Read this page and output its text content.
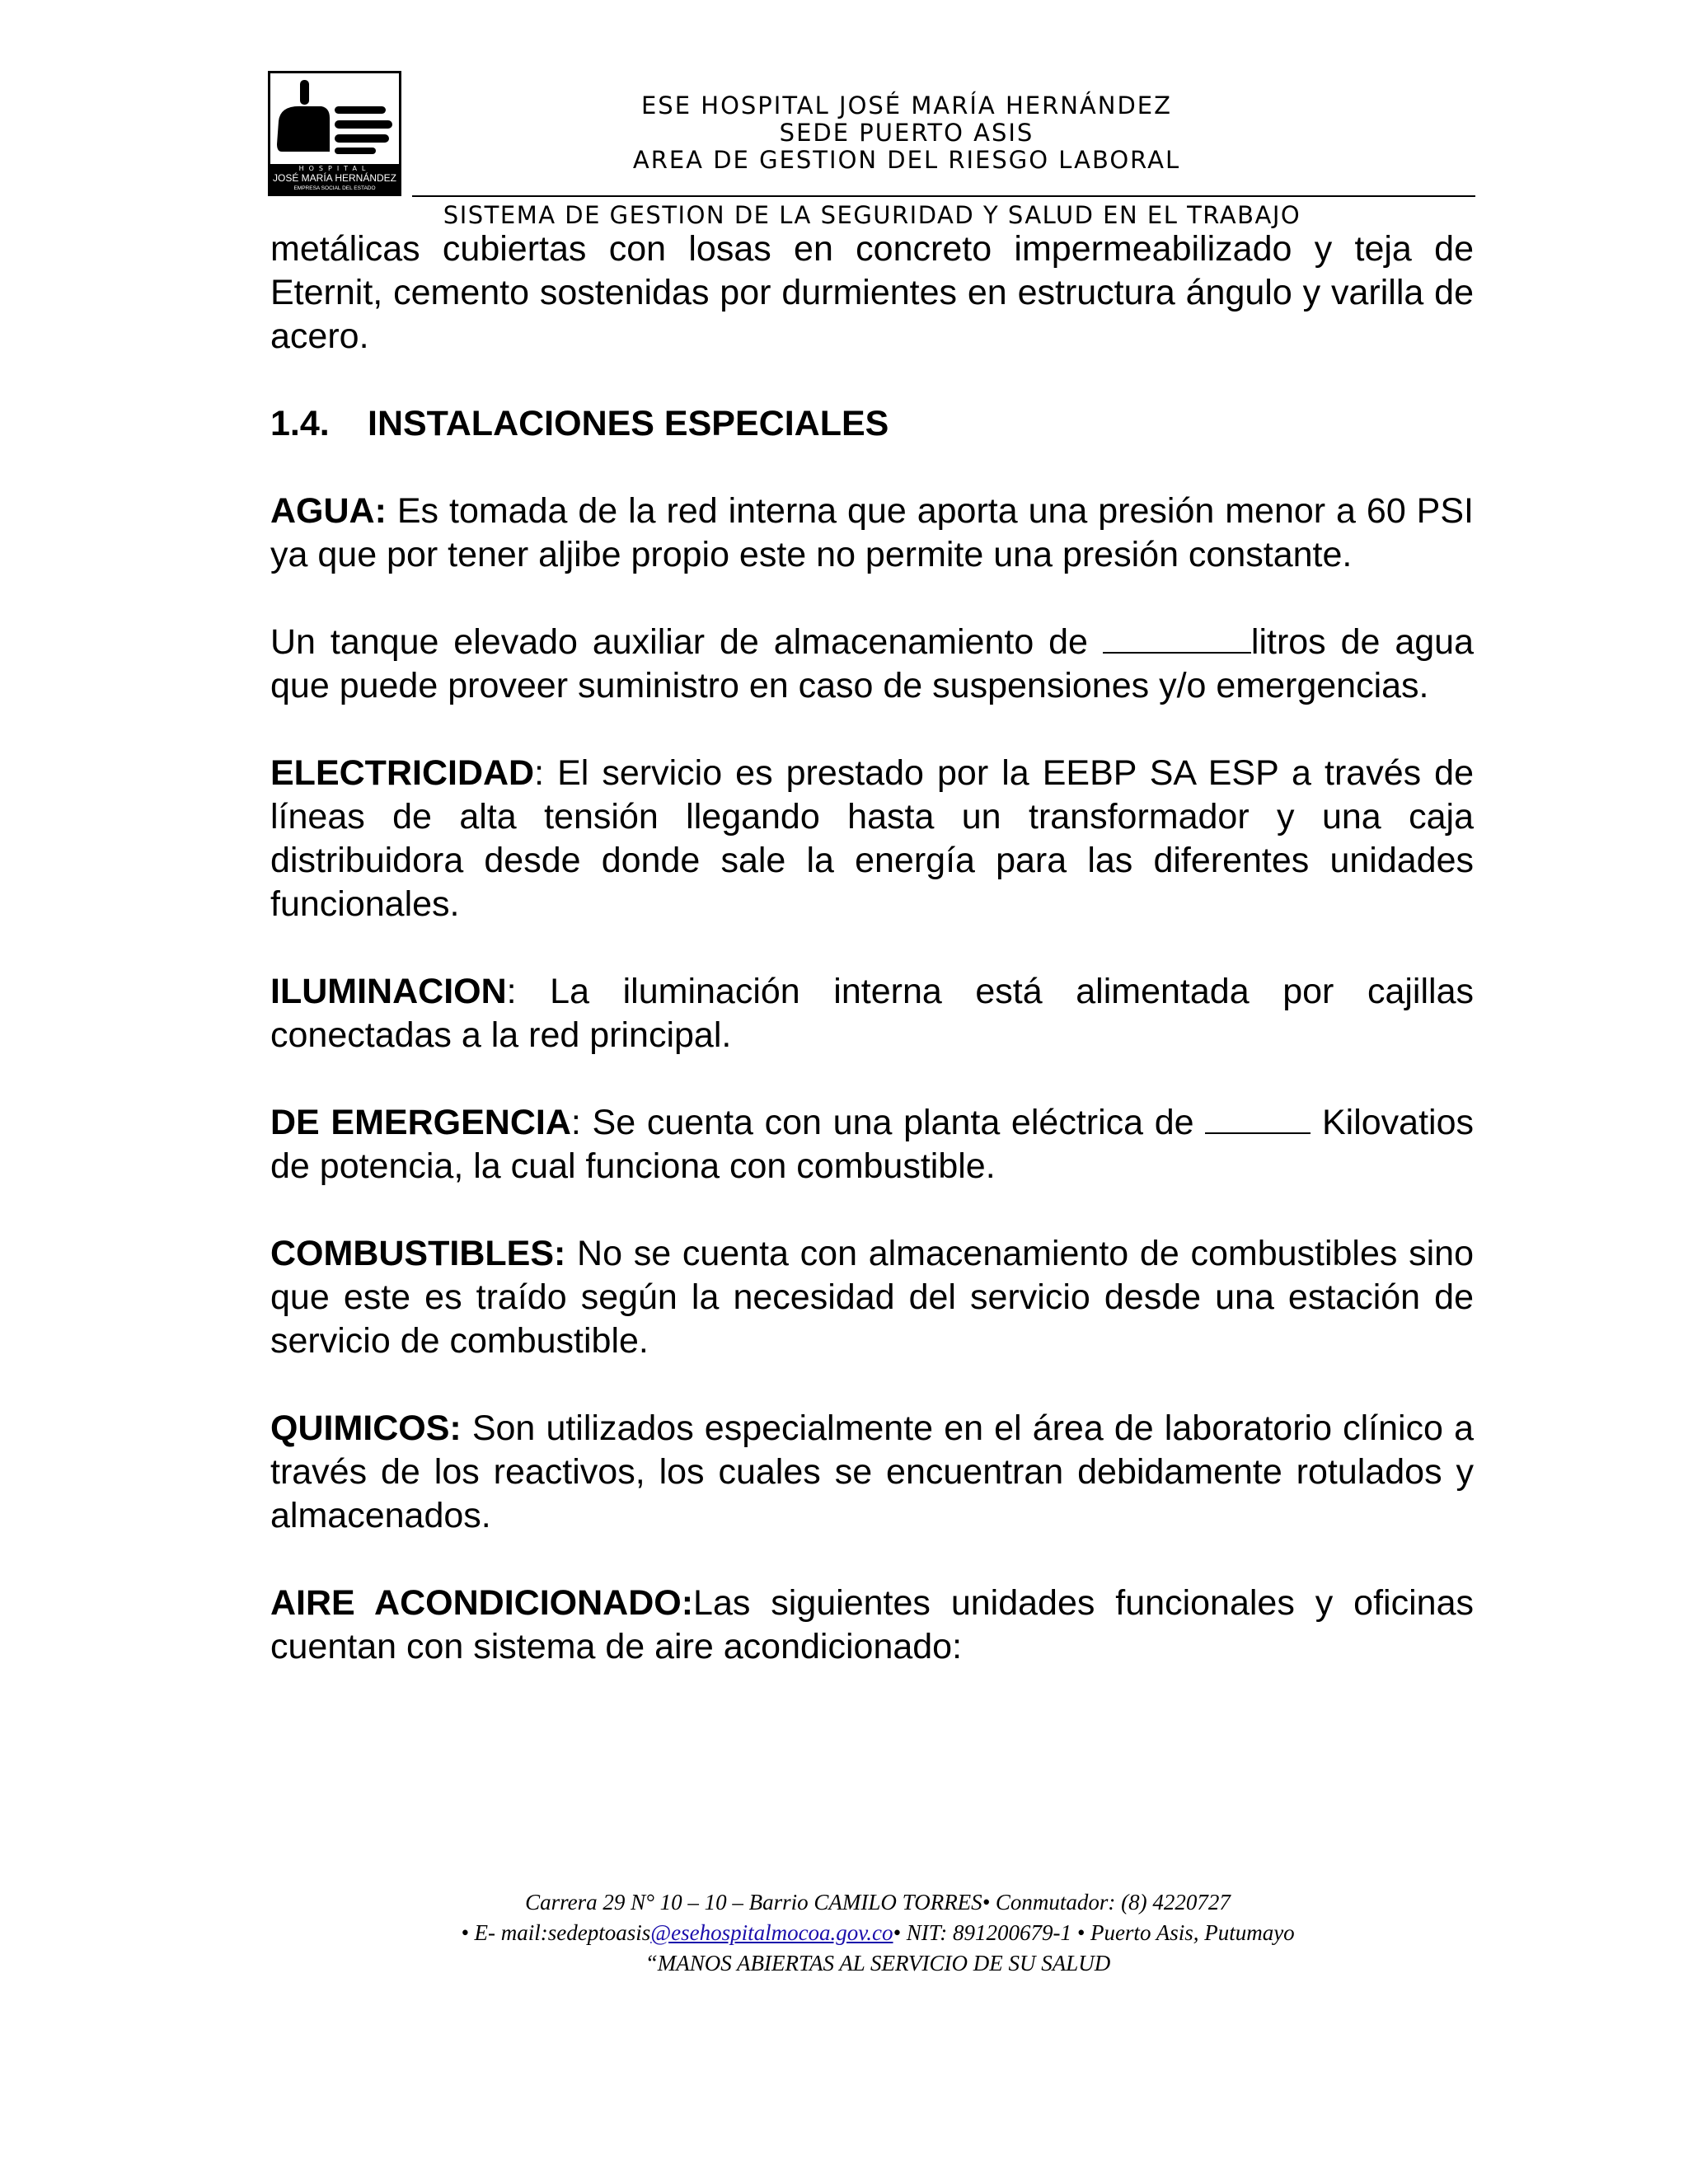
HOSPITAL
JOSÉ MARÍA HERNÁNDEZ
EMPRESA SOCIAL DEL ESTADO
ESE HOSPITAL JOSÉ MARÍA HERNÁNDEZ
SEDE PUERTO ASIS
AREA DE GESTION DEL RIESGO LABORAL
SISTEMA DE GESTION DE LA SEGURIDAD Y SALUD EN EL TRABAJO

metálicas cubiertas con losas en concreto impermeabilizado y teja de Eternit, cemento sostenidas por durmientes en estructura ángulo y varilla de acero.

1.4. INSTALACIONES ESPECIALES

AGUA: Es tomada de la red interna que aporta una presión menor a 60 PSI ya que por tener aljibe propio este no permite una presión constante.

Un tanque elevado auxiliar de almacenamiento de	litros de agua que puede proveer suministro en caso de suspensiones y/o emergencias.

ELECTRICIDAD: El servicio es prestado por la EEBP SA ESP a través de líneas de alta tensión llegando hasta un transformador y una caja distribuidora desde donde sale la energía para las diferentes unidades funcionales.

ILUMINACION: La iluminación interna está alimentada por cajillas conectadas a la red principal.

DE EMERGENCIA: Se cuenta con una planta eléctrica de	Kilovatios de potencia, la cual funciona con combustible.

COMBUSTIBLES: No se cuenta con almacenamiento de combustibles sino que este es traído según la necesidad del servicio desde una estación de servicio de combustible.

QUIMICOS: Son utilizados especialmente en el área de laboratorio clínico a través de los reactivos, los cuales se encuentran debidamente rotulados y almacenados.

AIRE ACONDICIONADO:Las siguientes unidades funcionales y oficinas cuentan con sistema de aire acondicionado:

Carrera 29 N° 10 – 10 – Barrio CAMILO TORRES• Conmutador: (8) 4220727
• E- mail:sedeptoasis@esehospitalmocoa.gov.co• NIT: 891200679-1 • Puerto Asis, Putumayo
“MANOS ABIERTAS AL SERVICIO DE SU SALUD
